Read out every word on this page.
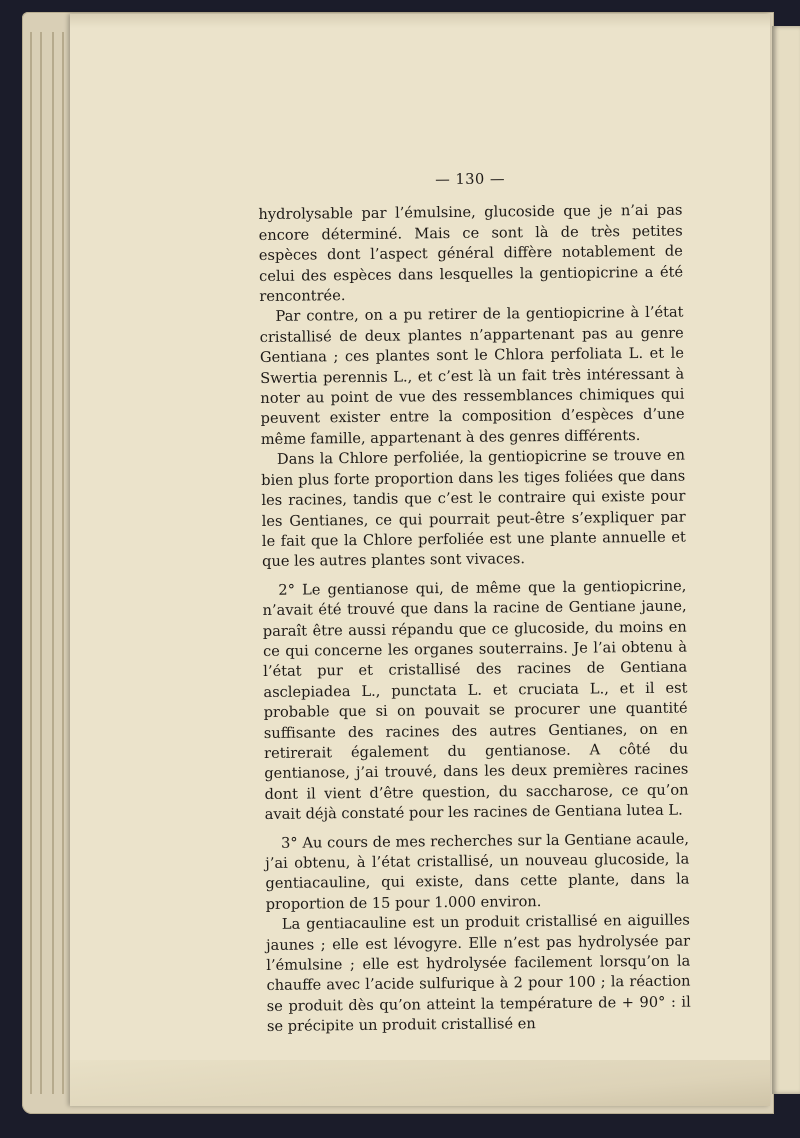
— 130 —

hydrolysable par l’émulsine, glucoside que je n’ai pas encore déterminé. Mais ce sont là de très petites espèces dont l’aspect général diffère notablement de celui des espèces dans lesquelles la gentiopicrine a été rencontrée.

Par contre, on a pu retirer de la gentiopicrine à l’état cristallisé de deux plantes n’appartenant pas au genre Gentiana ; ces plantes sont le Chlora perfoliata L. et le Swertia perennis L., et c’est là un fait très intéressant à noter au point de vue des ressemblances chimiques qui peuvent exister entre la composition d’espèces d’une même famille, appartenant à des genres différents.

Dans la Chlore perfoliée, la gentiopicrine se trouve en bien plus forte proportion dans les tiges foliées que dans les racines, tandis que c’est le contraire qui existe pour les Gentianes, ce qui pourrait peut-être s’expliquer par le fait que la Chlore perfoliée est une plante annuelle et que les autres plantes sont vivaces.

2° Le gentianose qui, de même que la gentiopicrine, n’avait été trouvé que dans la racine de Gentiane jaune, paraît être aussi répandu que ce glucoside, du moins en ce qui concerne les organes souterrains. Je l’ai obtenu à l’état pur et cristallisé des racines de Gentiana asclepiadea L., punctata L. et cruciata L., et il est probable que si on pouvait se procurer une quantité suffisante des racines des autres Gentianes, on en retirerait également du gentianose. A côté du gentianose, j’ai trouvé, dans les deux premières racines dont il vient d’être question, du saccharose, ce qu’on avait déjà constaté pour les racines de Gentiana lutea L.

3° Au cours de mes recherches sur la Gentiane acaule, j’ai obtenu, à l’état cristallisé, un nouveau glucoside, la gentiacauline, qui existe, dans cette plante, dans la proportion de 15 pour 1.000 environ.

La gentiacauline est un produit cristallisé en aiguilles jaunes ; elle est lévogyre. Elle n’est pas hydrolysée par l’émulsine ; elle est hydrolysée facilement lorsqu’on la chauffe avec l’acide sulfurique à 2 pour 100 ; la réaction se produit dès qu’on atteint la température de + 90° : il se précipite un produit cristallisé en
